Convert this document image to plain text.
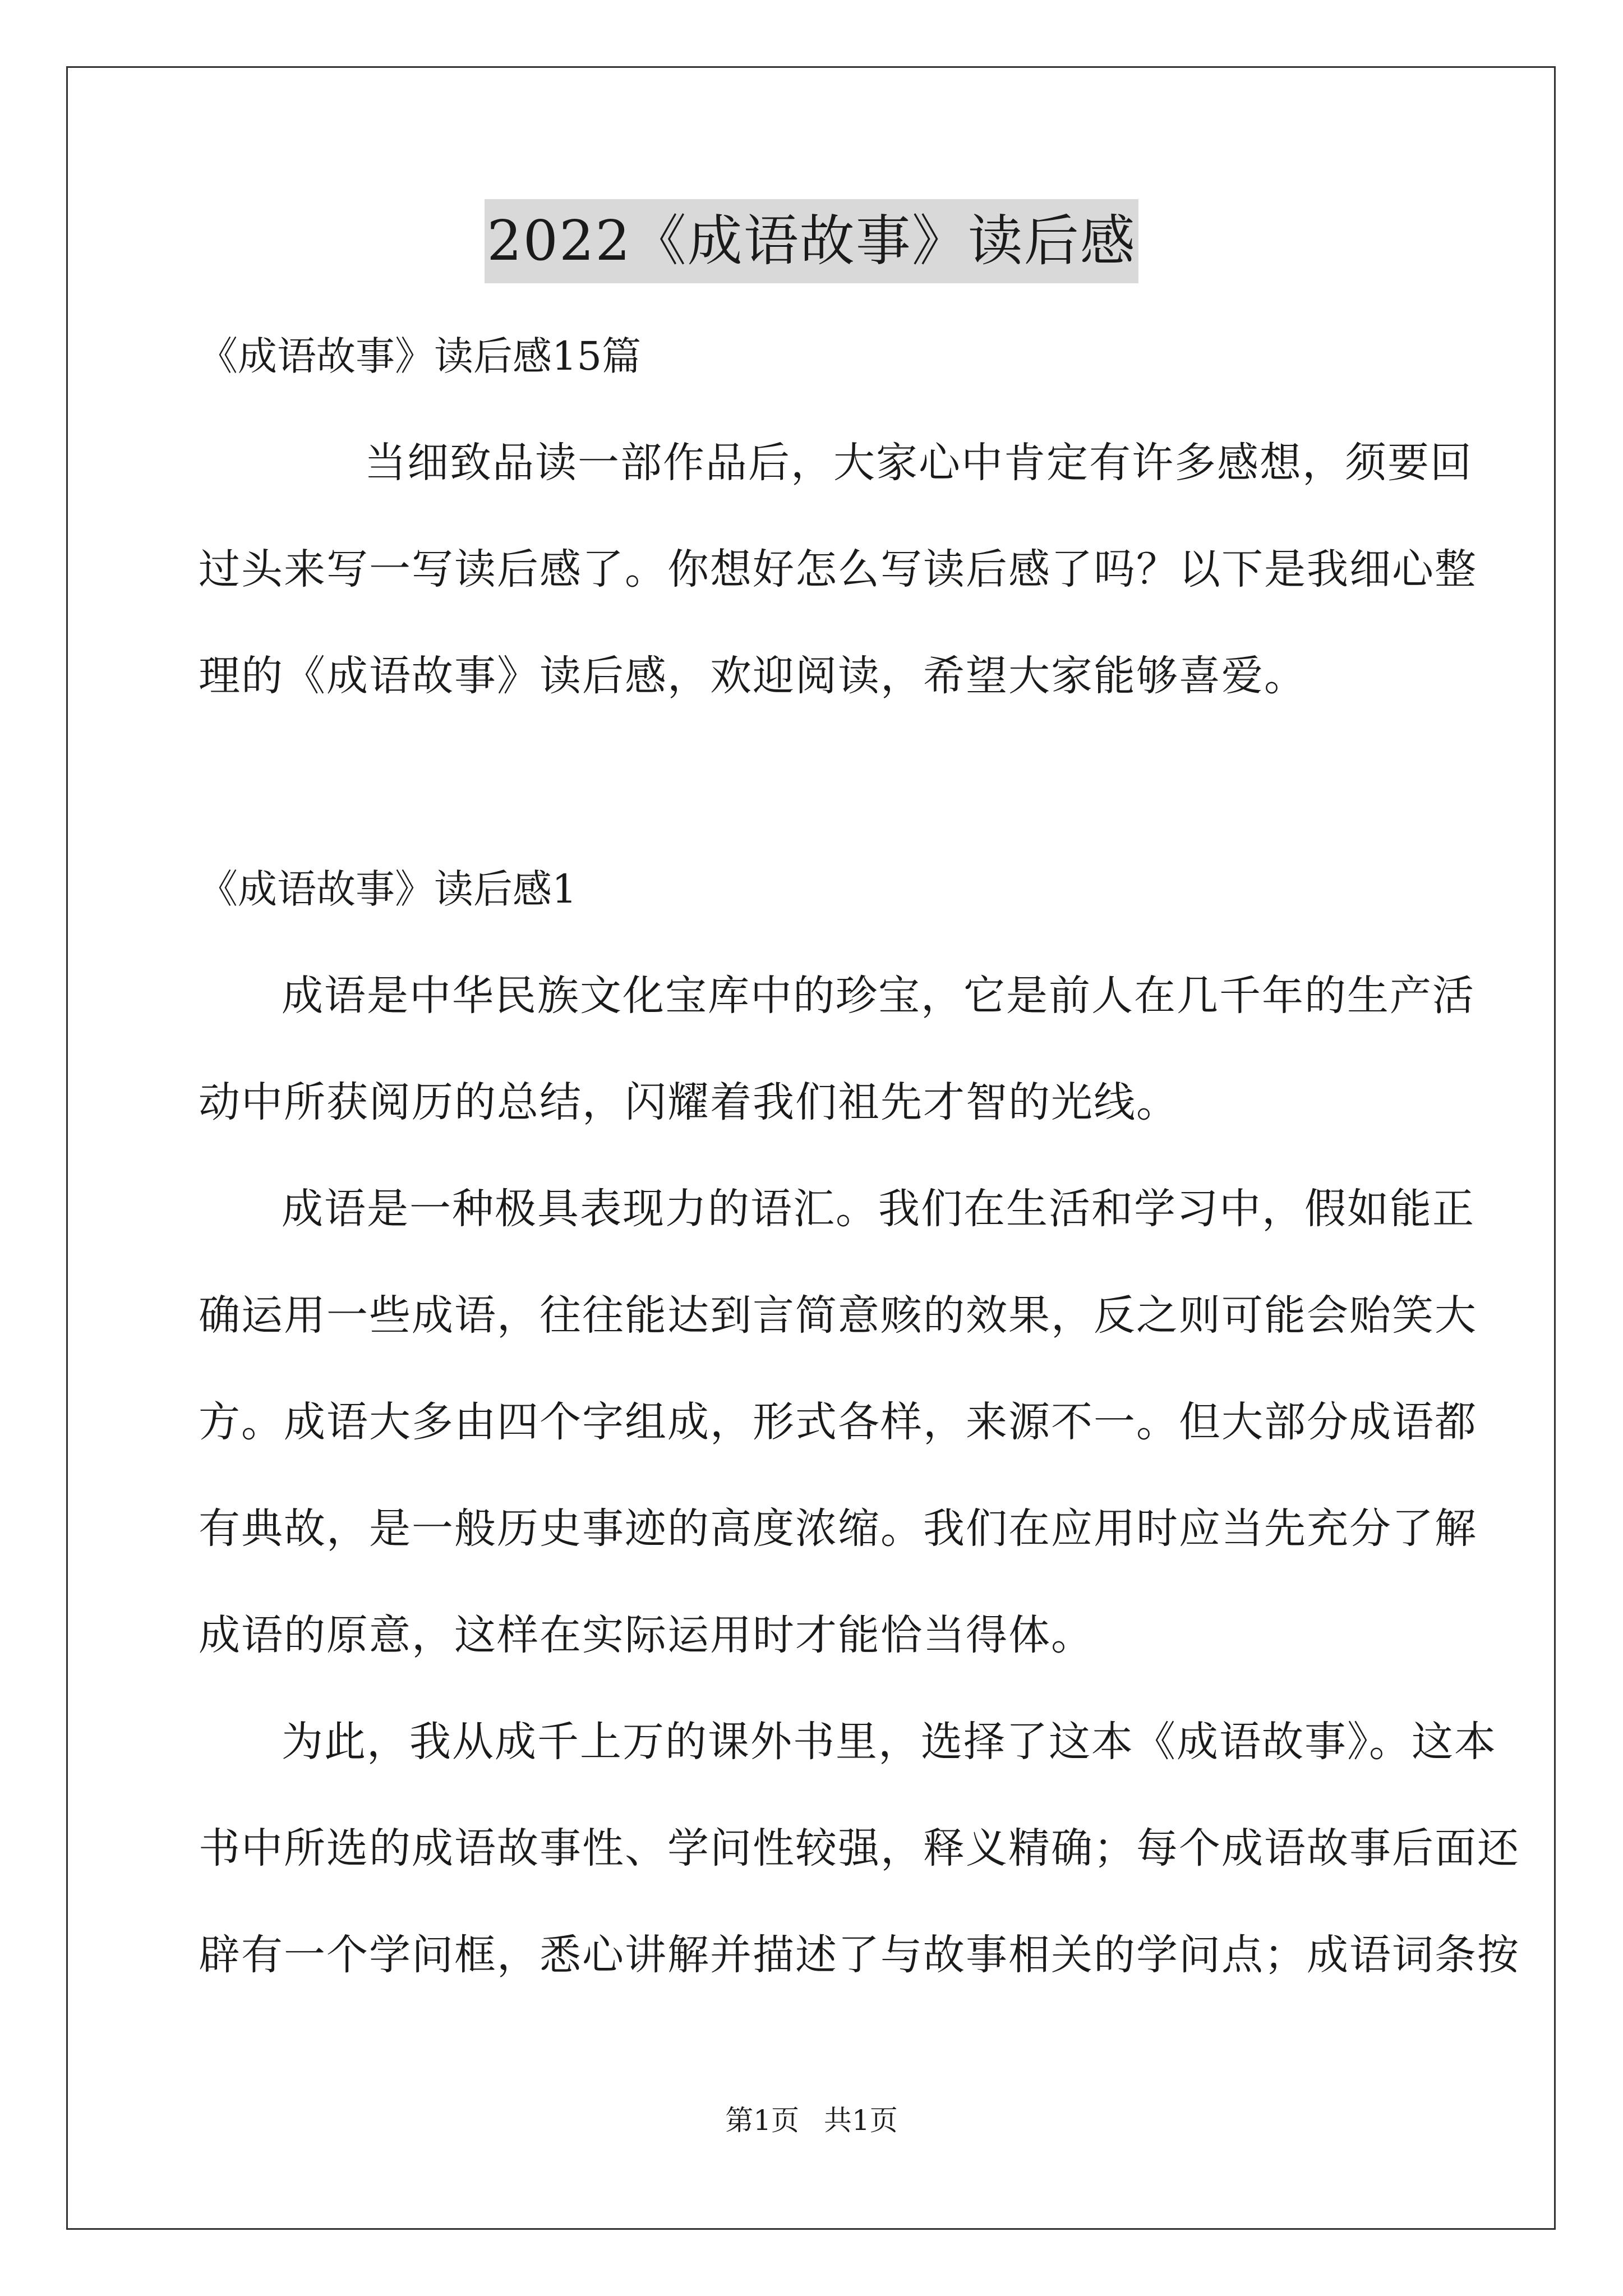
2022《成语故事》读后感
《成语故事》读后感15篇
当细致品读一部作品后，大家心中肯定有许多感想，须要回
过头来写一写读后感了。你想好怎么写读后感了吗？以下是我细心整
理的《成语故事》读后感，欢迎阅读，希望大家能够喜爱。
《成语故事》读后感1
成语是中华民族文化宝库中的珍宝，它是前人在几千年的生产活
动中所获阅历的总结，闪耀着我们祖先才智的光线。
成语是一种极具表现力的语汇。我们在生活和学习中，假如能正
确运用一些成语，往往能达到言简意赅的效果，反之则可能会贻笑大
方。成语大多由四个字组成，形式各样，来源不一。但大部分成语都
有典故，是一般历史事迹的高度浓缩。我们在应用时应当先充分了解
成语的原意，这样在实际运用时才能恰当得体。
为此，我从成千上万的课外书里，选择了这本《成语故事》。这本
书中所选的成语故事性、学问性较强，释义精确；每个成语故事后面还
辟有一个学问框，悉心讲解并描述了与故事相关的学问点；成语词条按
第1页 共1页
